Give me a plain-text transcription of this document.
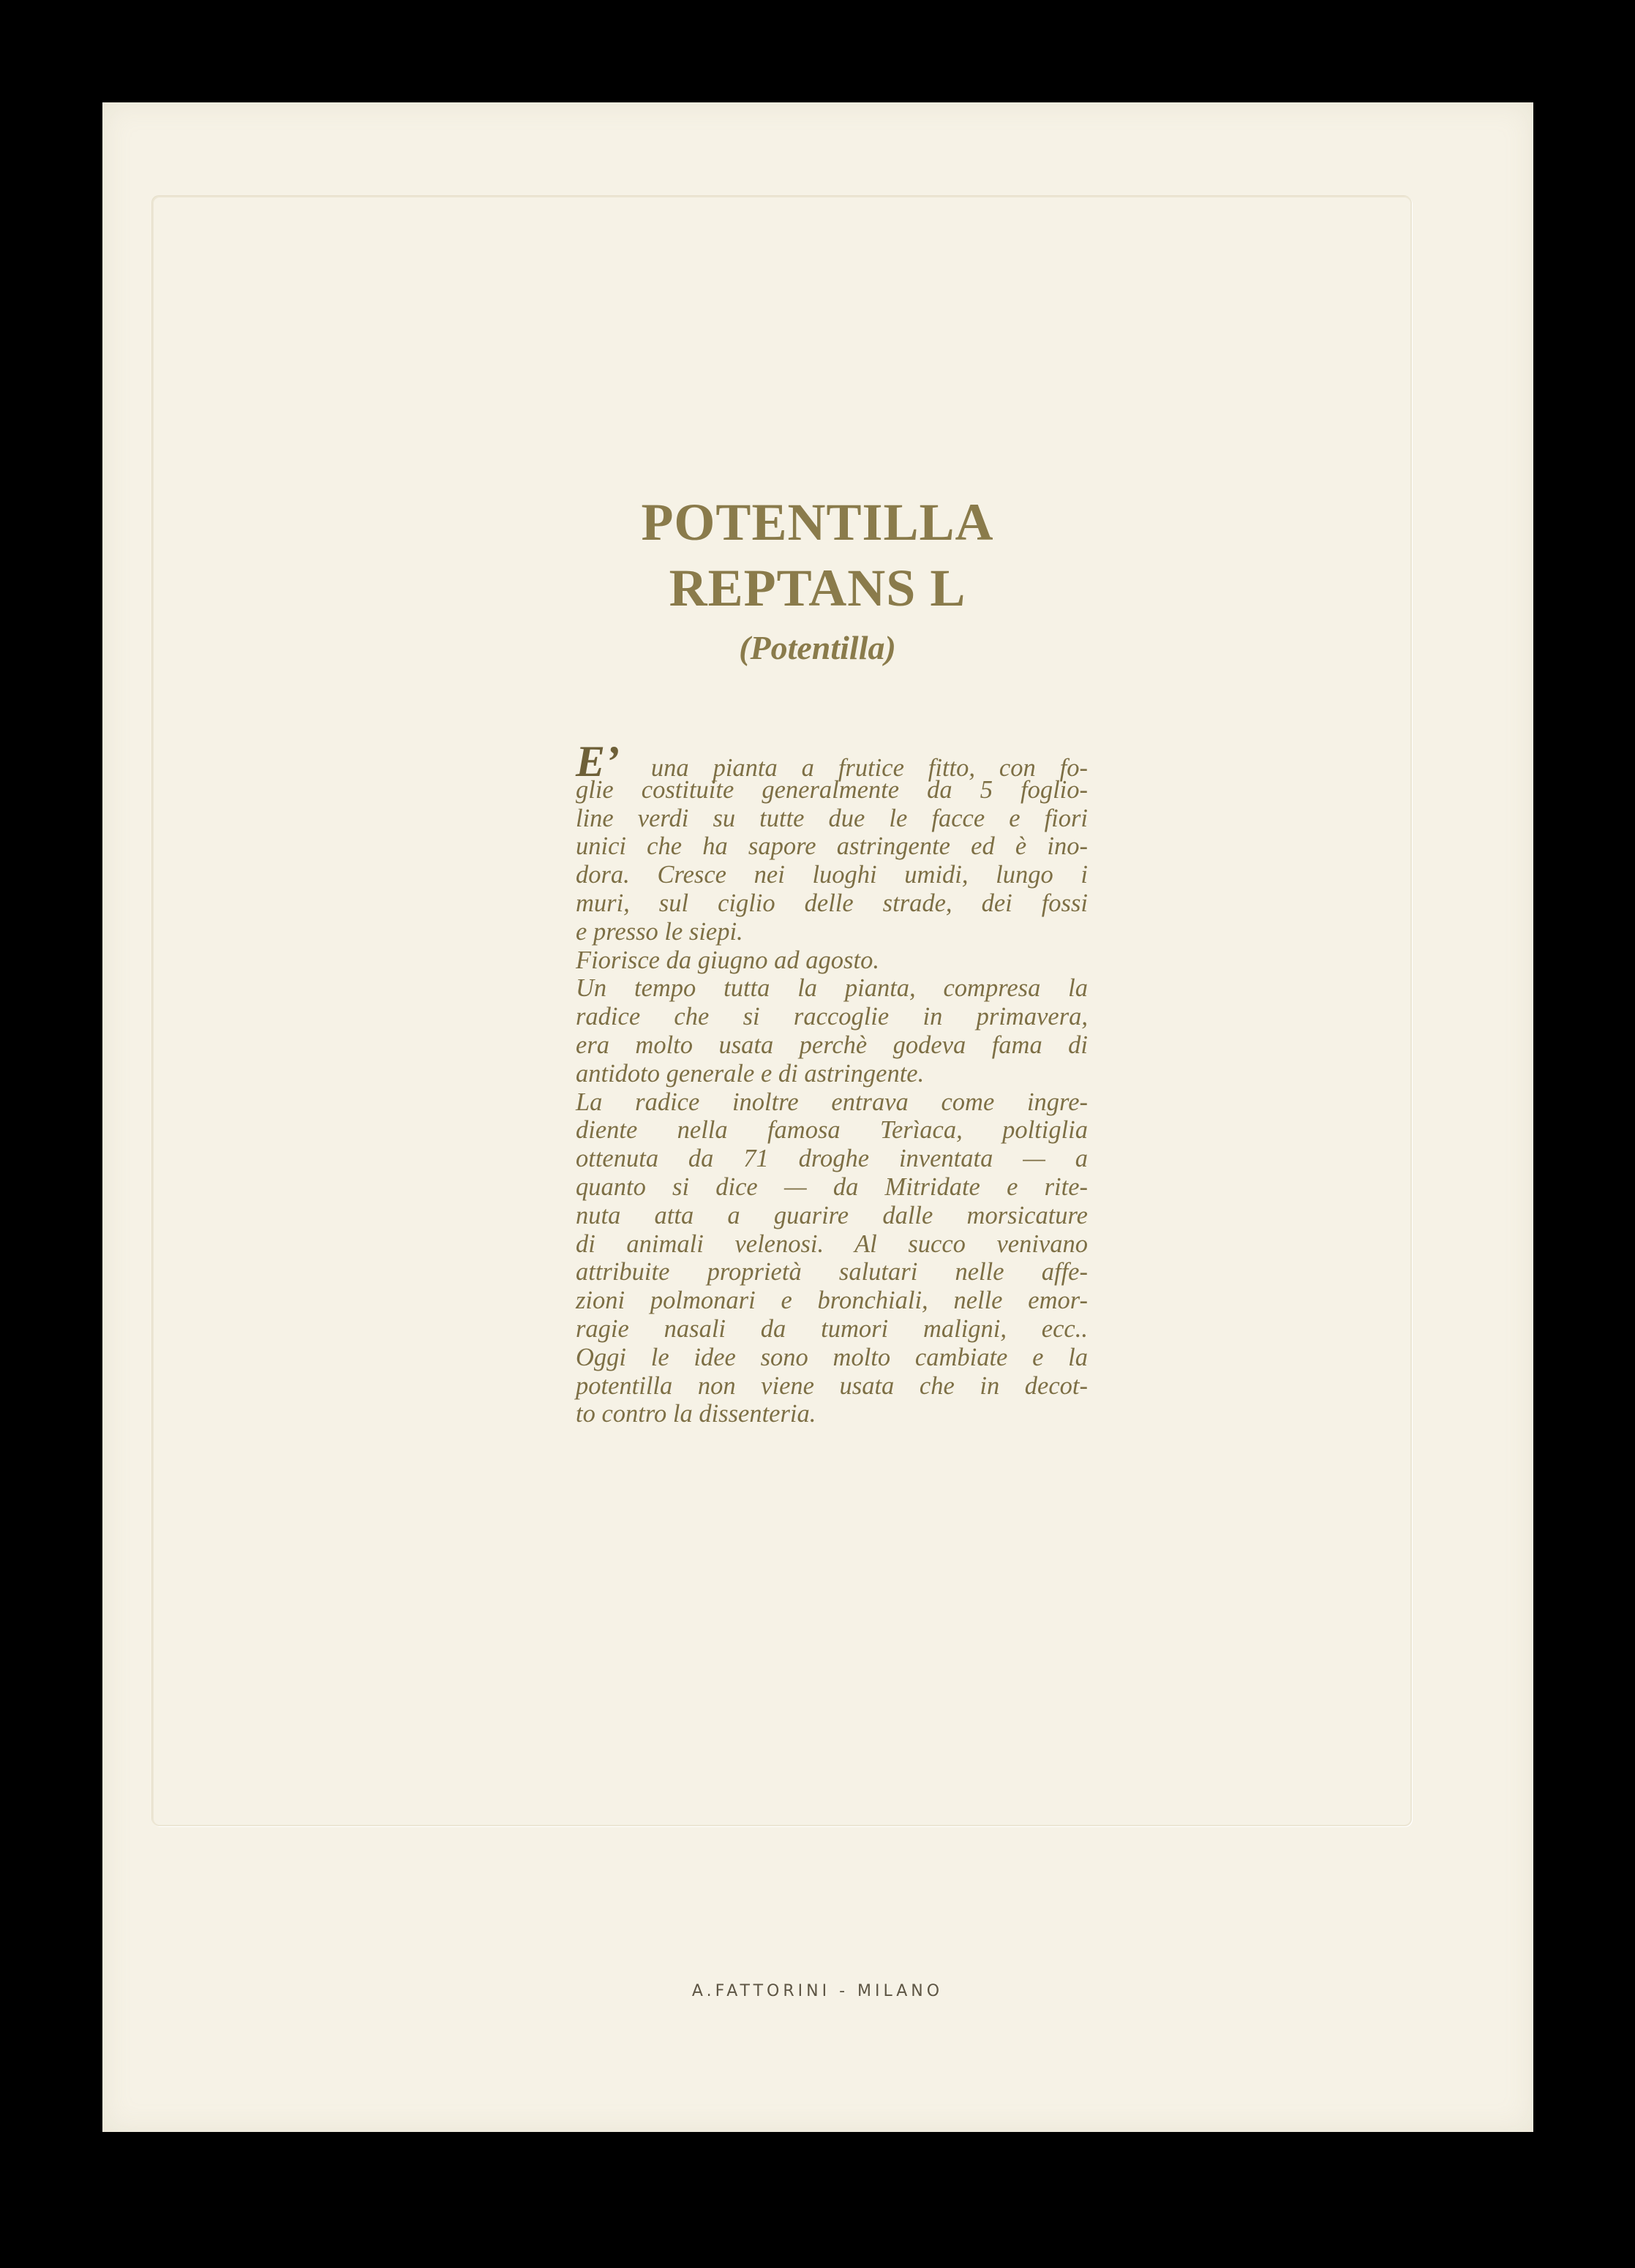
POTENTILLA
REPTANS L

(Potentilla)

E’ una pianta a frutice fitto, con fo-
glie costituite generalmente da 5 foglio-
line verdi su tutte due le facce e fiori
unici che ha sapore astringente ed è ino-
dora. Cresce nei luoghi umidi, lungo i
muri, sul ciglio delle strade, dei fossi
e presso le siepi.
Fiorisce da giugno ad agosto.
Un tempo tutta la pianta, compresa la
radice che si raccoglie in primavera,
era molto usata perchè godeva fama di
antidoto generale e di astringente.
La radice inoltre entrava come ingre-
diente nella famosa Terìaca, poltiglia
ottenuta da 71 droghe inventata — a
quanto si dice — da Mitridate e rite-
nuta atta a guarire dalle morsicature
di animali velenosi. Al succo venivano
attribuite proprietà salutari nelle affe-
zioni polmonari e bronchiali, nelle emor-
ragie nasali da tumori maligni, ecc..
Oggi le idee sono molto cambiate e la
potentilla non viene usata che in decot-
to contro la dissenteria.

A.FATTORINI - MILANO
